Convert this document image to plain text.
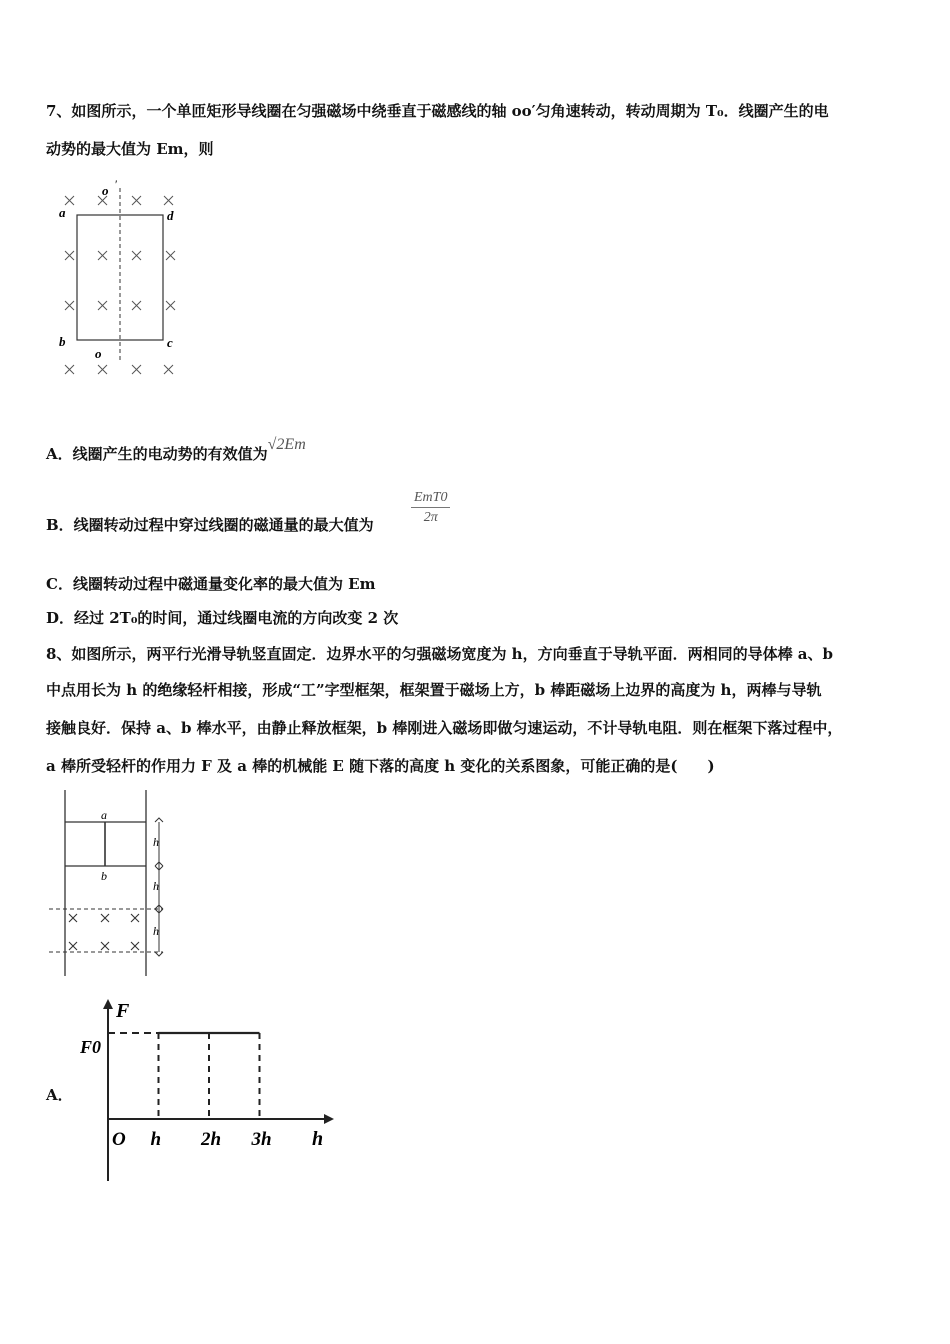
7、如图所示，一个单匝矩形导线圈在匀强磁场中绕垂直于磁感线的轴 oo′匀角速转动，转动周期为 T₀．线圈产生的电
动势的最大值为 Em，则
o ′
a	d
b	c
o
A．线圈产生的电动势的有效值为√2Em
B．线圈转动过程中穿过线圈的磁通量的最大值为
EmT0
2π
C．线圈转动过程中磁通量变化率的最大值为 Em
D．经过 2T₀的时间，通过线圈电流的方向改变 2 次
8、如图所示，两平行光滑导轨竖直固定．边界水平的匀强磁场宽度为 h，方向垂直于导轨平面．两相同的导体棒 a、b
中点用长为 h 的绝缘轻杆相接，形成“工”字型框架，框架置于磁场上方，b 棒距磁场上边界的高度为 h，两棒与导轨
接触良好．保持 a、b 棒水平，由静止释放框架，b 棒刚进入磁场即做匀速运动，不计导轨电阻．则在框架下落过程中，
a 棒所受轻杆的作用力 F 及 a 棒的机械能 E 随下落的高度 h 变化的关系图象，可能正确的是(　　)
a
b
h
h
h
A．
F
h
F0
O h 2h 3h
